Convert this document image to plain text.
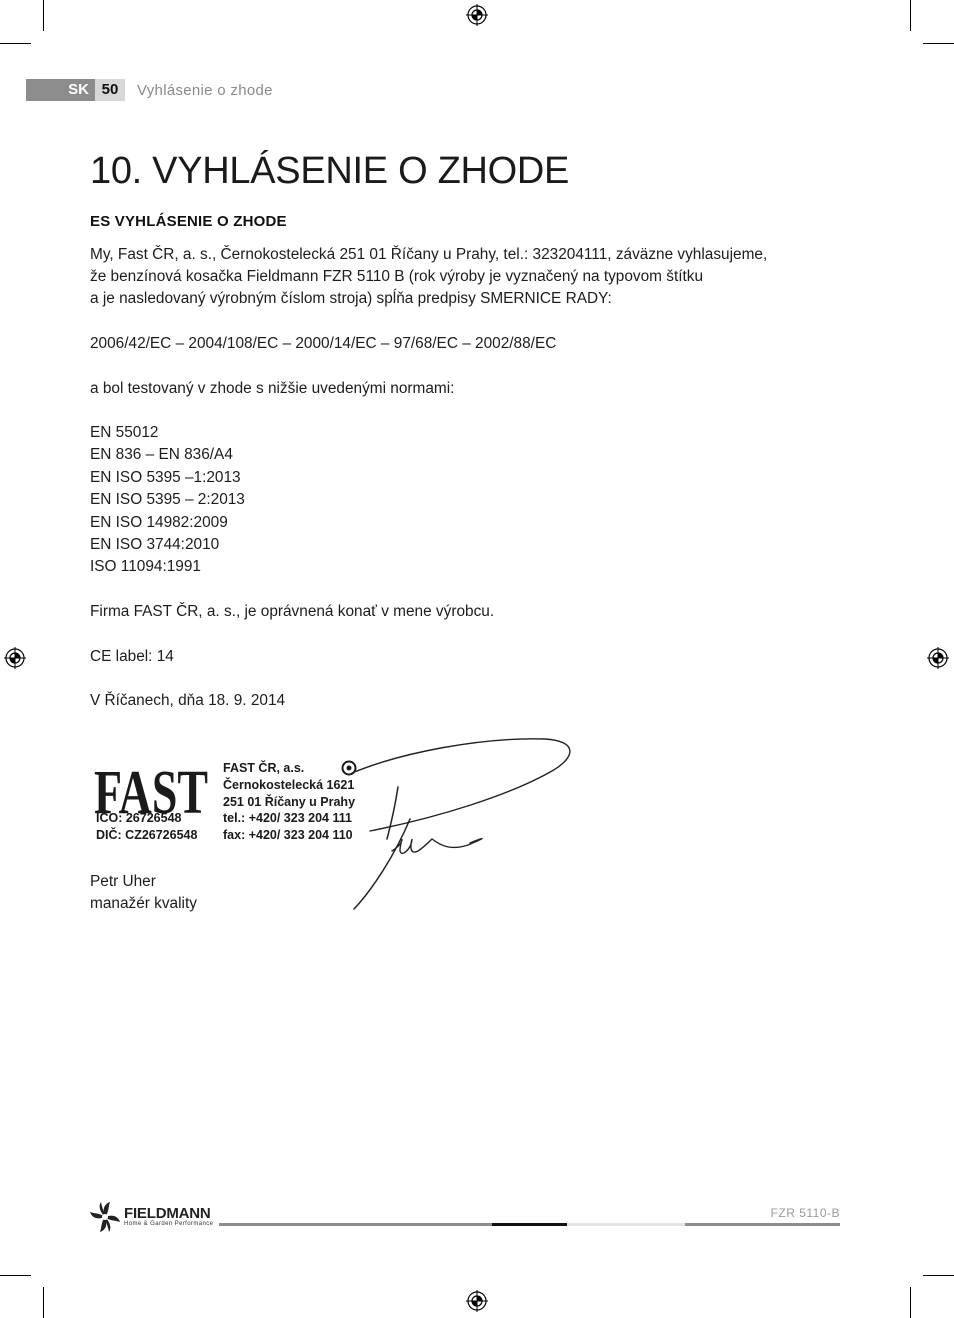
SK 50	Vyhlásenie o zhode
10. VYHLÁSENIE O ZHODE
ES VYHLÁSENIE O ZHODE
My, Fast ČR, a. s., Černokostelecká 251 01 Říčany u Prahy, tel.: 323204111, záväzne vyhlasujeme,
že benzínová kosačka Fieldmann FZR 5110 B (rok výroby je vyznačený na typovom štítku
a je nasledovaný výrobným číslom stroja) spĺňa predpisy SMERNICE RADY:
2006/42/EC – 2004/108/EC – 2000/14/EC – 97/68/EC – 2002/88/EC
a bol testovaný v zhode s nižšie uvedenými normami:
EN 55012
EN 836 – EN 836/A4
EN ISO 5395 –1:2013
EN ISO 5395 – 2:2013
EN ISO 14982:2009
EN ISO 3744:2010
ISO 11094:1991
Firma FAST ČR, a. s., je oprávnená konať v mene výrobcu.
CE label: 14
V Říčanech, dňa 18. 9. 2014
FAST
IČO: 26726548
DIČ: CZ26726548
FAST ČR, a.s.
Černokostelecká 1621
251 01 Říčany u Prahy
tel.: +420/ 323 204 111
fax: +420/ 323 204 110
Petr Uher
manažér kvality
FIELDMANN
Home & Garden Performance
FZR 5110-B
